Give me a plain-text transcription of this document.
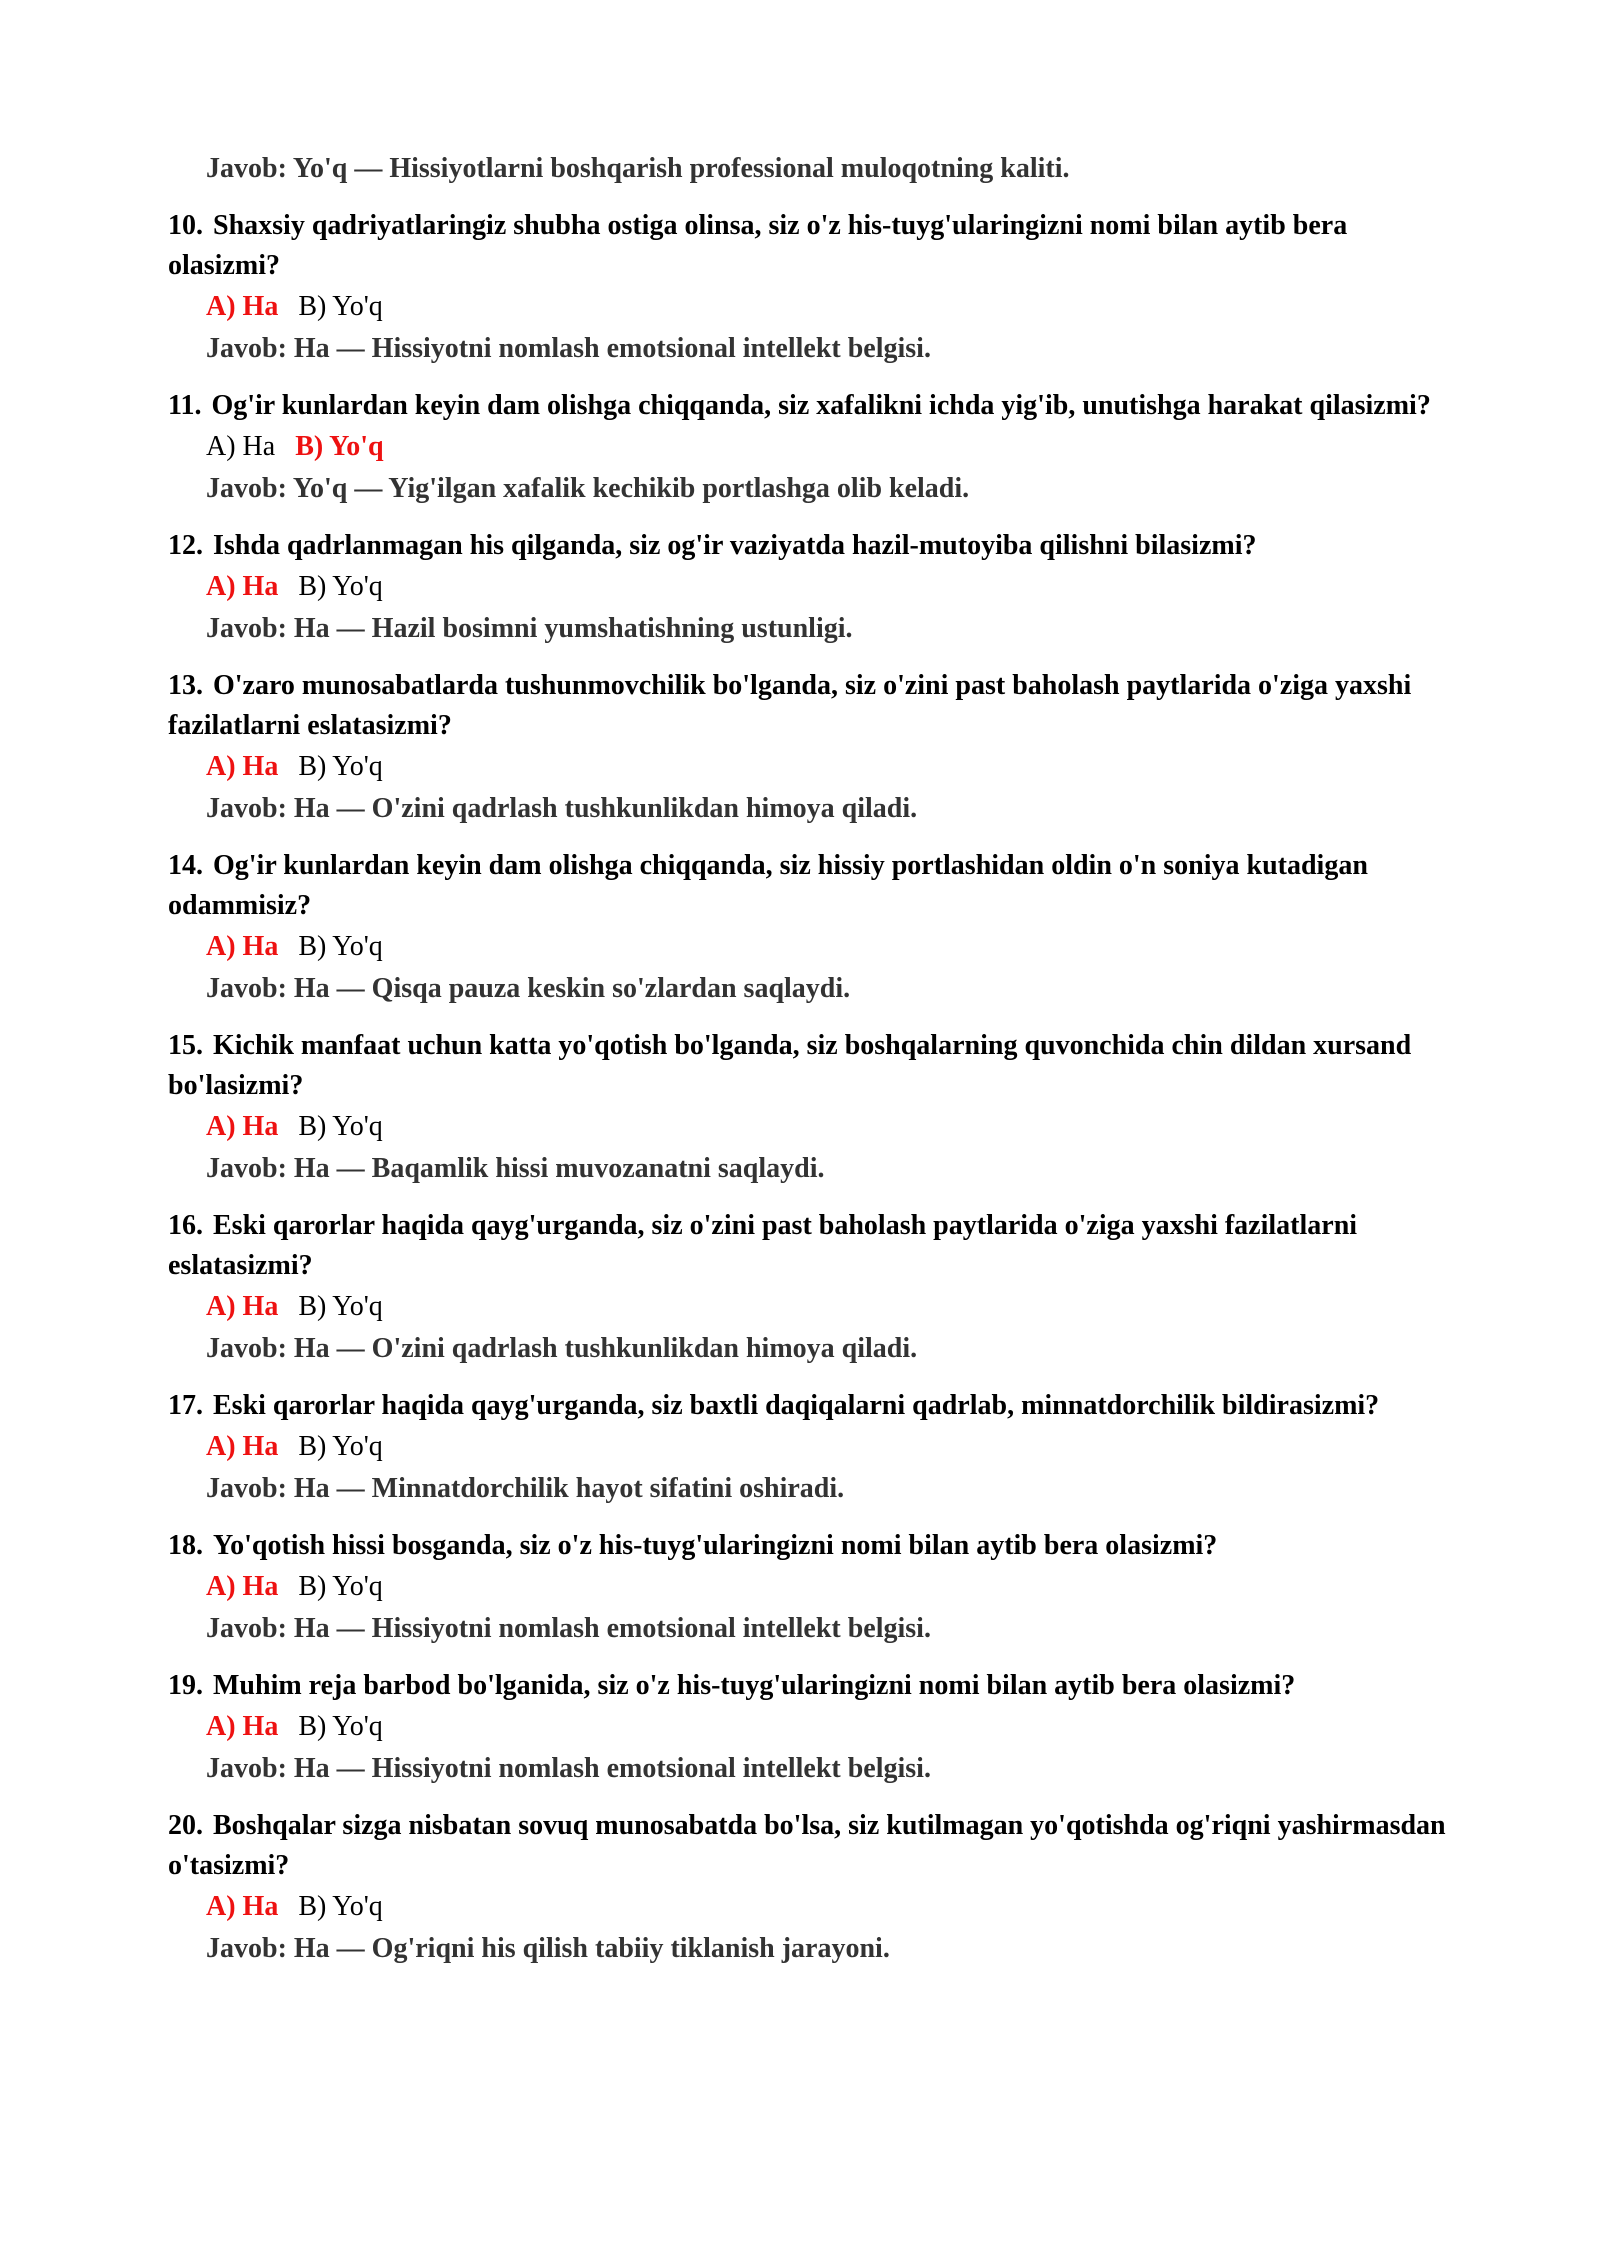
Javob: Yo'q — Hissiyotlarni boshqarish professional muloqotning kaliti.
10. Shaxsiy qadriyatlaringiz shubha ostiga olinsa, siz o'z his-tuyg'ularingizni nomi bilan aytib bera olasizmi?
A) Ha B) Yo'q
Javob: Ha — Hissiyotni nomlash emotsional intellekt belgisi.
11. Og'ir kunlardan keyin dam olishga chiqqanda, siz xafalikni ichda yig'ib, unutishga harakat qilasizmi?
A) Ha B) Yo'q
Javob: Yo'q — Yig'ilgan xafalik kechikib portlashga olib keladi.
12. Ishda qadrlanmagan his qilganda, siz og'ir vaziyatda hazil-mutoyiba qilishni bilasizmi?
A) Ha B) Yo'q
Javob: Ha — Hazil bosimni yumshatishning ustunligi.
13. O'zaro munosabatlarda tushunmovchilik bo'lganda, siz o'zini past baholash paytlarida o'ziga yaxshi fazilatlarni eslatasizmi?
A) Ha B) Yo'q
Javob: Ha — O'zini qadrlash tushkunlikdan himoya qiladi.
14. Og'ir kunlardan keyin dam olishga chiqqanda, siz hissiy portlashidan oldin o'n soniya kutadigan odammisiz?
A) Ha B) Yo'q
Javob: Ha — Qisqa pauza keskin so'zlardan saqlaydi.
15. Kichik manfaat uchun katta yo'qotish bo'lganda, siz boshqalarning quvonchida chin dildan xursand bo'lasizmi?
A) Ha B) Yo'q
Javob: Ha — Baqamlik hissi muvozanatni saqlaydi.
16. Eski qarorlar haqida qayg'urganda, siz o'zini past baholash paytlarida o'ziga yaxshi fazilatlarni eslatasizmi?
A) Ha B) Yo'q
Javob: Ha — O'zini qadrlash tushkunlikdan himoya qiladi.
17. Eski qarorlar haqida qayg'urganda, siz baxtli daqiqalarni qadrlab, minnatdorchilik bildirasizmi?
A) Ha B) Yo'q
Javob: Ha — Minnatdorchilik hayot sifatini oshiradi.
18. Yo'qotish hissi bosganda, siz o'z his-tuyg'ularingizni nomi bilan aytib bera olasizmi?
A) Ha B) Yo'q
Javob: Ha — Hissiyotni nomlash emotsional intellekt belgisi.
19. Muhim reja barbod bo'lganida, siz o'z his-tuyg'ularingizni nomi bilan aytib bera olasizmi?
A) Ha B) Yo'q
Javob: Ha — Hissiyotni nomlash emotsional intellekt belgisi.
20. Boshqalar sizga nisbatan sovuq munosabatda bo'lsa, siz kutilmagan yo'qotishda og'riqni yashirmasdan o'tasizmi?
A) Ha B) Yo'q
Javob: Ha — Og'riqni his qilish tabiiy tiklanish jarayoni.
